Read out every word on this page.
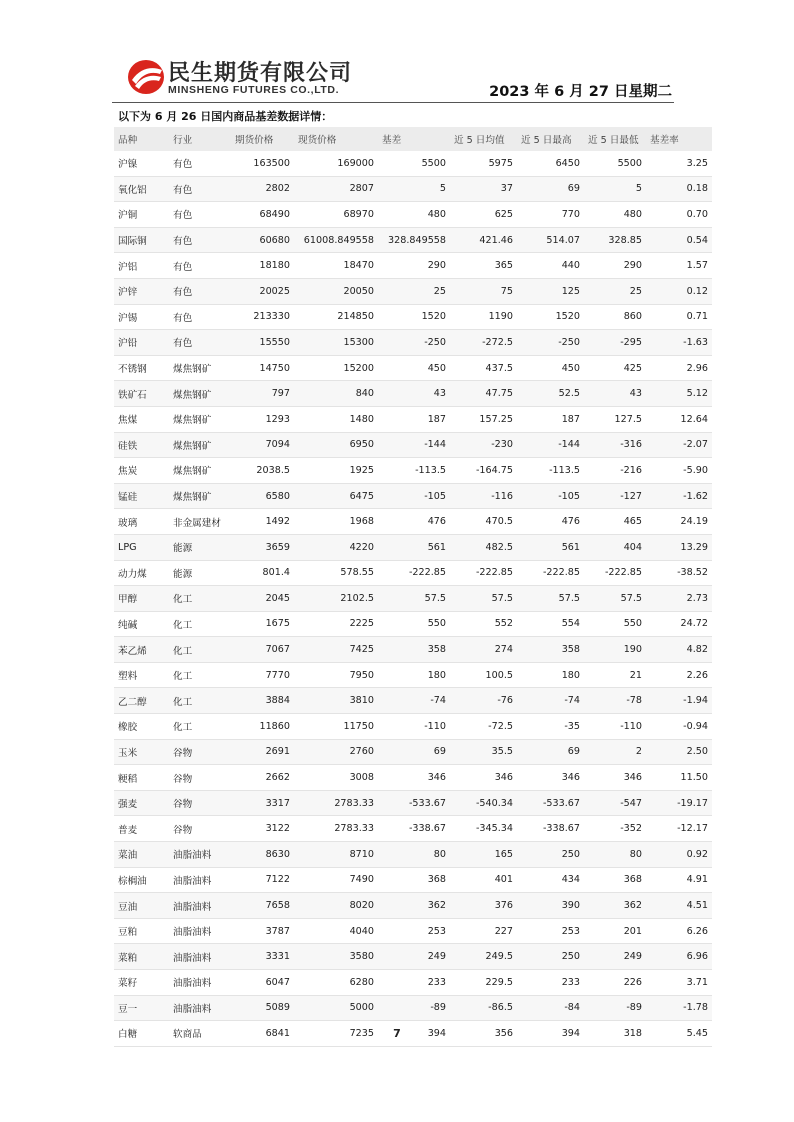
民生期货有限公司
MINSHENG FUTURES CO.,LTD.	2023 年 6 月 27 日星期二
以下为 6 月 26 日国内商品基差数据详情：
品种	行业	期货价格	现货价格	基差	近 5 日均值	近 5 日最高	近 5 日最低	基差率
沪镍	有色	163500	169000	5500	5975	6450	5500	3.25
氧化铝	有色	2802	2807	5	37	69	5	0.18
沪铜	有色	68490	68970	480	625	770	480	0.70
国际铜	有色	60680	61008.849558	328.849558	421.46	514.07	328.85	0.54
沪铝	有色	18180	18470	290	365	440	290	1.57
沪锌	有色	20025	20050	25	75	125	25	0.12
沪锡	有色	213330	214850	1520	1190	1520	860	0.71
沪铅	有色	15550	15300	-250	-272.5	-250	-295	-1.63
不锈钢	煤焦钢矿	14750	15200	450	437.5	450	425	2.96
铁矿石	煤焦钢矿	797	840	43	47.75	52.5	43	5.12
焦煤	煤焦钢矿	1293	1480	187	157.25	187	127.5	12.64
硅铁	煤焦钢矿	7094	6950	-144	-230	-144	-316	-2.07
焦炭	煤焦钢矿	2038.5	1925	-113.5	-164.75	-113.5	-216	-5.90
锰硅	煤焦钢矿	6580	6475	-105	-116	-105	-127	-1.62
玻璃	非金属建材	1492	1968	476	470.5	476	465	24.19
LPG	能源	3659	4220	561	482.5	561	404	13.29
动力煤	能源	801.4	578.55	-222.85	-222.85	-222.85	-222.85	-38.52
甲醇	化工	2045	2102.5	57.5	57.5	57.5	57.5	2.73
纯碱	化工	1675	2225	550	552	554	550	24.72
苯乙烯	化工	7067	7425	358	274	358	190	4.82
塑料	化工	7770	7950	180	100.5	180	21	2.26
乙二醇	化工	3884	3810	-74	-76	-74	-78	-1.94
橡胶	化工	11860	11750	-110	-72.5	-35	-110	-0.94
玉米	谷物	2691	2760	69	35.5	69	2	2.50
粳稻	谷物	2662	3008	346	346	346	346	11.50
强麦	谷物	3317	2783.33	-533.67	-540.34	-533.67	-547	-19.17
普麦	谷物	3122	2783.33	-338.67	-345.34	-338.67	-352	-12.17
菜油	油脂油料	8630	8710	80	165	250	80	0.92
棕榈油	油脂油料	7122	7490	368	401	434	368	4.91
豆油	油脂油料	7658	8020	362	376	390	362	4.51
豆粕	油脂油料	3787	4040	253	227	253	201	6.26
菜粕	油脂油料	3331	3580	249	249.5	250	249	6.96
菜籽	油脂油料	6047	6280	233	229.5	233	226	3.71
豆一	油脂油料	5089	5000	-89	-86.5	-84	-89	-1.78
白糖	软商品	6841	7235	394	356	394	318	5.45
7
